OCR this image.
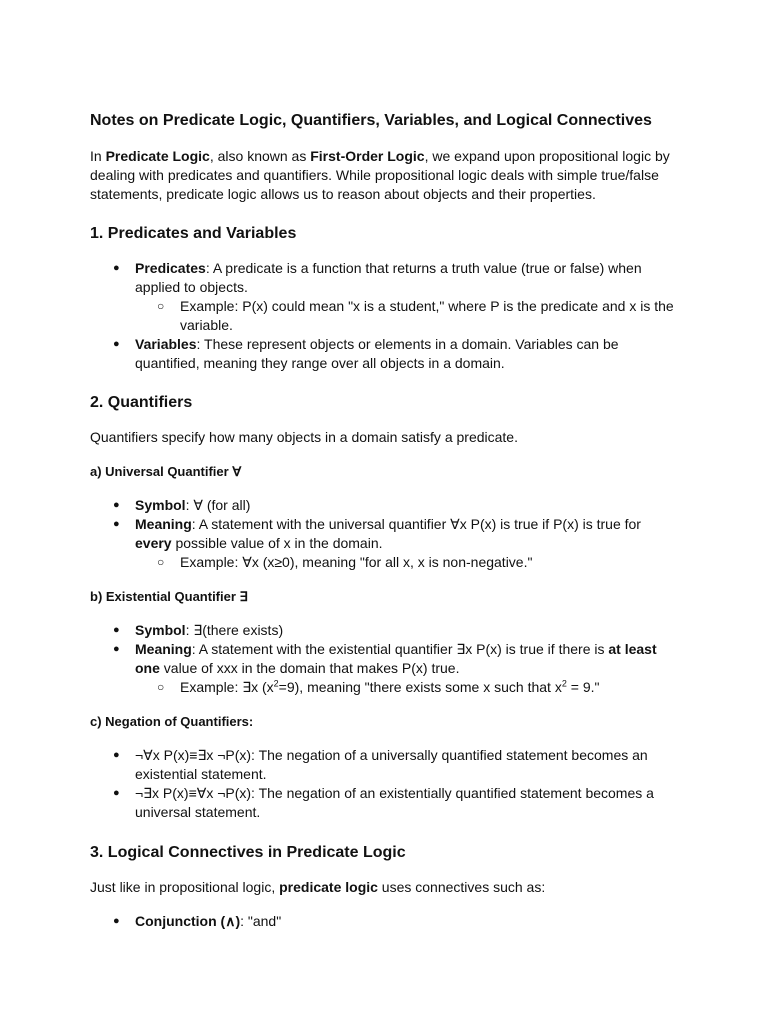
Notes on Predicate Logic, Quantifiers, Variables, and Logical Connectives

In Predicate Logic, also known as First-Order Logic, we expand upon propositional logic by dealing with predicates and quantifiers. While propositional logic deals with simple true/false statements, predicate logic allows us to reason about objects and their properties.

1. Predicates and Variables
● Predicates: A predicate is a function that returns a truth value (true or false) when applied to objects.
○ Example: P(x) could mean "x is a student," where P is the predicate and x is the variable.
● Variables: These represent objects or elements in a domain. Variables can be quantified, meaning they range over all objects in a domain.
2. Quantifiers

Quantifiers specify how many objects in a domain satisfy a predicate.

a) Universal Quantifier ∀
● Symbol: ∀ (for all)
● Meaning: A statement with the universal quantifier ∀x P(x) is true if P(x) is true for every possible value of x in the domain.
○ Example: ∀x (x≥0), meaning "for all x, x is non-negative."
b) Existential Quantifier ∃
● Symbol: ∃(there exists)
● Meaning: A statement with the existential quantifier ∃x P(x) is true if there is at least one value of xxx in the domain that makes P(x) true.
○ Example: ∃x $(x^2=9)$, meaning "there exists some x such that $x^2 = 9$."
c) Negation of Quantifiers:
● ¬∀x P(x)≡∃x ¬P(x): The negation of a universally quantified statement becomes an existential statement.
● ¬∃x P(x)≡∀x ¬P(x): The negation of an existentially quantified statement becomes a universal statement.
3. Logical Connectives in Predicate Logic

Just like in propositional logic, predicate logic uses connectives such as:

● Conjunction (∧): "and"
